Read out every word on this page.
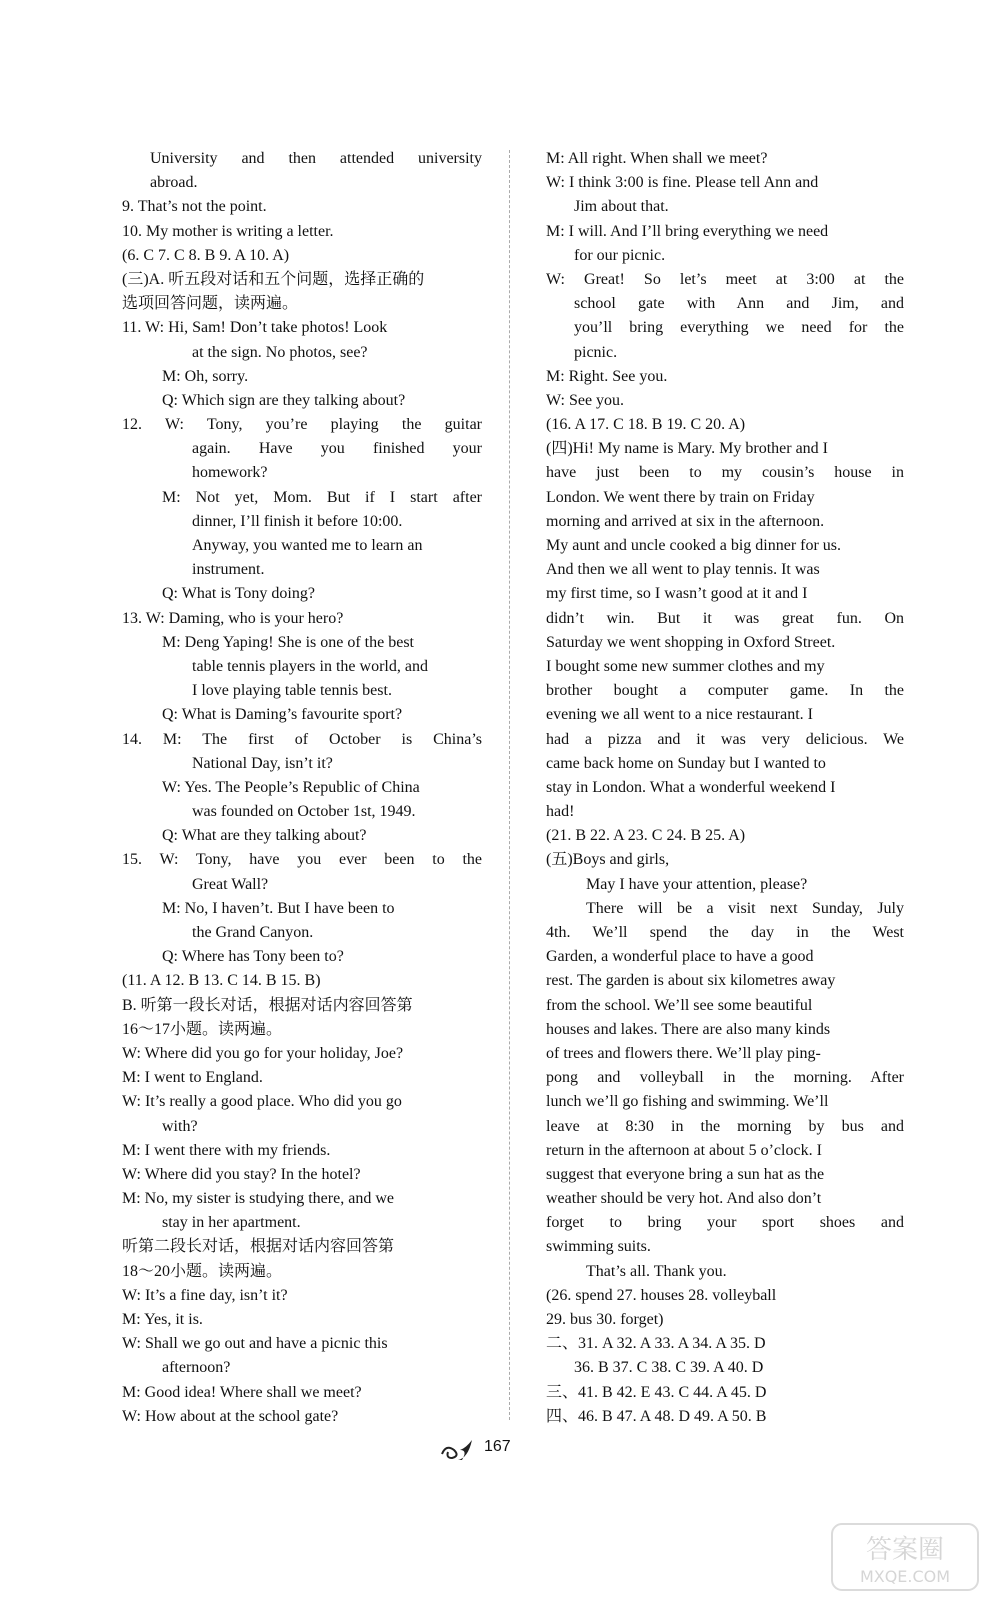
University and then attended university
abroad.
9. That’s not the point.
10. My mother is writing a letter.
(6. C 7. C 8. B 9. A 10. A)
(三)A. 听五段对话和五个问题，选择正确的
选项回答问题，读两遍。
11. W: Hi, Sam! Don’t take photos! Look
at the sign. No photos, see?
M: Oh, sorry.
Q: Which sign are they talking about?
12. W: Tony, you’re playing the guitar
again. Have you finished your
homework?
M: Not yet, Mom. But if I start after
dinner, I’ll finish it before 10:00.
Anyway, you wanted me to learn an
instrument.
Q: What is Tony doing?
13. W: Daming, who is your hero?
M: Deng Yaping! She is one of the best
table tennis players in the world, and
I love playing table tennis best.
Q: What is Daming’s favourite sport?
14. M: The first of October is China’s
National Day, isn’t it?
W: Yes. The People’s Republic of China
was founded on October 1st, 1949.
Q: What are they talking about?
15. W: Tony, have you ever been to the
Great Wall?
M: No, I haven’t. But I have been to
the Grand Canyon.
Q: Where has Tony been to?
(11. A 12. B 13. C 14. B 15. B)
B. 听第一段长对话，根据对话内容回答第
16～17小题。读两遍。
W: Where did you go for your holiday, Joe?
M: I went to England.
W: It’s really a good place. Who did you go
with?
M: I went there with my friends.
W: Where did you stay? In the hotel?
M: No, my sister is studying there, and we
stay in her apartment.
听第二段长对话，根据对话内容回答第
18～20小题。读两遍。
W: It’s a fine day, isn’t it?
M: Yes, it is.
W: Shall we go out and have a picnic this
afternoon?
M: Good idea! Where shall we meet?
W: How about at the school gate?
M: All right. When shall we meet?
W: I think 3:00 is fine. Please tell Ann and
Jim about that.
M: I will. And I’ll bring everything we need
for our picnic.
W: Great! So let’s meet at 3:00 at the
school gate with Ann and Jim, and
you’ll bring everything we need for the
picnic.
M: Right. See you.
W: See you.
(16. A 17. C 18. B 19. C 20. A)
(四)Hi! My name is Mary. My brother and I
have just been to my cousin’s house in
London. We went there by train on Friday
morning and arrived at six in the afternoon.
My aunt and uncle cooked a big dinner for us.
And then we all went to play tennis. It was
my first time, so I wasn’t good at it and I
didn’t win. But it was great fun. On
Saturday we went shopping in Oxford Street.
I bought some new summer clothes and my
brother bought a computer game. In the
evening we all went to a nice restaurant. I
had a pizza and it was very delicious. We
came back home on Sunday but I wanted to
stay in London. What a wonderful weekend I
had!
(21. B 22. A 23. C 24. B 25. A)
(五)Boys and girls,
May I have your attention, please?
There will be a visit next Sunday, July
4th. We’ll spend the day in the West
Garden, a wonderful place to have a good
rest. The garden is about six kilometres away
from the school. We’ll see some beautiful
houses and lakes. There are also many kinds
of trees and flowers there. We’ll play ping-
pong and volleyball in the morning. After
lunch we’ll go fishing and swimming. We’ll
leave at 8:30 in the morning by bus and
return in the afternoon at about 5 o’clock. I
suggest that everyone bring a sun hat as the
weather should be very hot. And also don’t
forget to bring your sport shoes and
swimming suits.
That’s all. Thank you.
(26. spend 27. houses 28. volleyball
29. bus 30. forget)
二、31. A 32. A 33. A 34. A 35. D
36. B 37. C 38. C 39. A 40. D
三、41. B 42. E 43. C 44. A 45. D
四、46. B 47. A 48. D 49. A 50. B
167
答案圈
MXQE.COM
